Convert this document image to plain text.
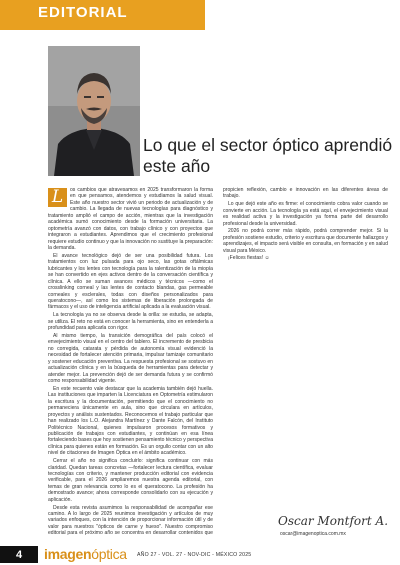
EDITORIAL
Lo que el sector óptico aprendió este año

L	os cambios que atravesamos en 2025 transformaron la forma en que pensamos, atendemos y estudiamos la salud visual. Este año nuestro sector vivió un periodo de actualización y de cambio. La llegada de nuevas tecnologías para diagnóstico y tratamiento amplió el campo de acción, mientras que la investigación académica sumó conocimiento desde la formación universitaria. La optometría avanzó con datos, con trabajo clínico y con proyectos que integraron a estudiantes. Aprendimos que el crecimiento profesional requiere estudio continuo y que la innovación no sustituye la preparación: la demanda.

El avance tecnológico dejó de ser una posibilidad futura. Los tratamientos con luz pulsada para ojo seco, las gotas oftálmicas lubricantes y los lentes con tecnología para la ralentización de la miopía se han convertido en ejes activos dentro de la conversación científica y clínica. A ello se suman avances médicos y técnicos —como el crosslinking corneal y las lentes de contacto blandas, gas permeable corneales y esclerales, todas con diseños personalizados para queratocono—, así como los sistemas de liberación prolongada de fármacos y el uso de inteligencia artificial aplicada a la evaluación visual.

La tecnología ya no se observa desde la orilla: se estudia, se adapta, se utiliza. El reto no está en conocer la herramienta, sino en entenderla a profundidad para aplicarla con rigor.

Al mismo tiempo, la transición demográfica del país colocó el envejecimiento visual en el centro del tablero. El incremento de presbicia no corregida, catarata y pérdida de autonomía visual evidenció la necesidad de fortalecer atención primaria, impulsar tamizaje comunitario y sostener educación preventiva. La respuesta profesional se sostuvo en actualización clínica y en la búsqueda de herramientas para detectar y atender mejor. La prevención dejó de ser demanda futura y se confirmó como responsabilidad vigente.

En este recuento vale destacar que la academia también dejó huella. Las instituciones que imparten la Licenciatura en Optometría estimularon la escritura y la documentación, permitiendo que el conocimiento no permaneciera únicamente en aula, sino que circulara en artículos, proyectos y análisis sustentados. Reconocemos el trabajo particular que han realizado los L.O. Alejandra Martínez y Dante Falcón, del Instituto Politécnico Nacional, quienes impulsaron procesos formativos y publicación de trabajos con estudiantes, y continúan en esa línea fortaleciendo bases que hoy sostienen pensamiento técnico y perspectiva clínica para quienes están en formación. Es un orgullo contar con un alto nivel de citaciones de Imagen Óptica en el ámbito académico.

Cerrar el año no significa concluirlo: significa continuar con más claridad. Quedan tareas concretas —fortalecer lectura científica, evaluar tecnologías con criterio, y mantener producción editorial con evidencia verificable, para el 2026 ampliaremos nuestra agenda editorial, con temas de gran relevancia como lo es el queratocono. La profesión ha demostrado avance; ahora corresponde consolidarlo con su ejecución y aplicación.

Desde esta revista asumimos la responsabilidad de acompañar ese camino. A lo largo de 2025 reunimos investigación y artículos de muy variados enfoques, con la intención de proporcionar información útil y de valor para nuestros "ópticos de carne y hueso". Nuestro compromiso editorial para el próximo año se concentra en desarrollar contenidos que propicien reflexión, cambio e innovación en las diferentes áreas de trabajo.

Lo que dejó este año es firme: el conocimiento cobra valor cuando se convierte en acción. La tecnología ya está aquí, el envejecimiento visual es realidad activa y la investigación ya forma parte del desarrollo profesional desde la universidad.

2026 no podrá correr más rápido, podrá comprender mejor. Si la profesión sostiene estudio, criterio y escritura que documente hallazgos y aprendizajes, el impacto será visible en consulta, en formación y en salud visual para México.

¡Felices fiestas! ☺

Oscar Montfort A.
oscar@imagenoptica.com.mx
4	imagenóptica AÑO 27 - VOL. 27 - NOV-DIC - MÉXICO 2025
